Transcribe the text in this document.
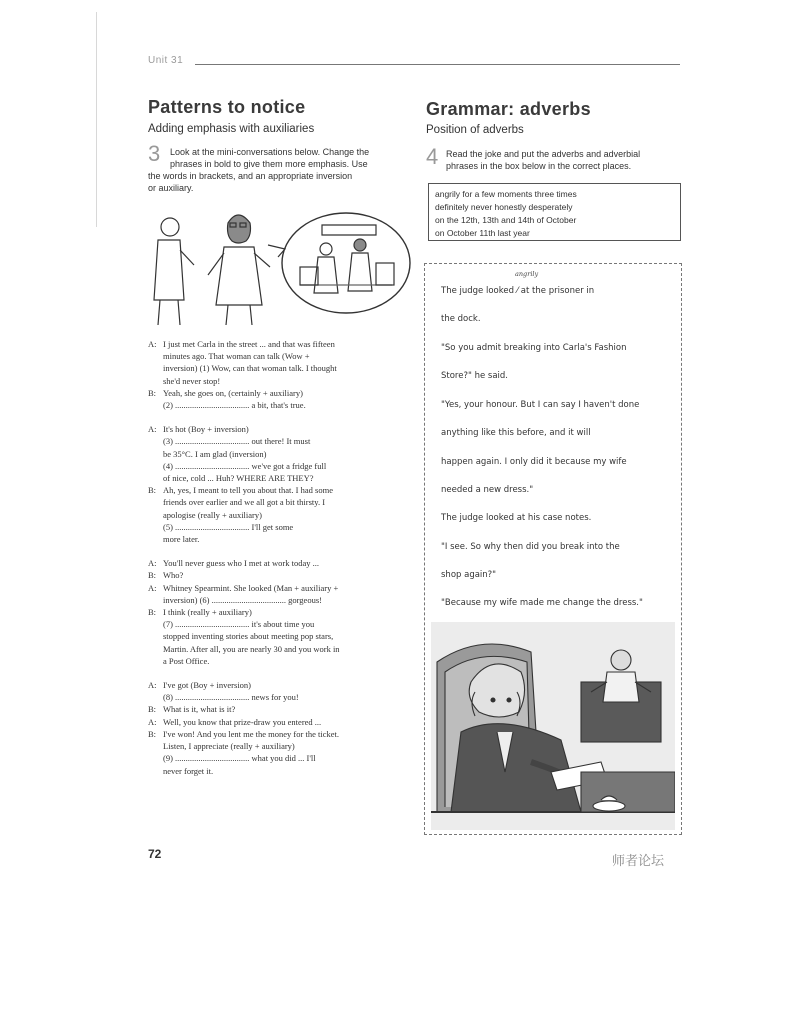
Unit 31
Patterns to notice
Adding emphasis with auxiliaries
3 Look at the mini-conversations below. Change the
phrases in bold to give them more emphasis. Use
the words in brackets, and an appropriate inversion
or auxiliary.
A: I just met Carla in the street ... and that was fifteen
minutes ago. That woman can talk (Wow +
inversion) (1) Wow, can that woman talk. I thought
she'd never stop!
B: Yeah, she goes on, (certainly + auxiliary)
(2) ................................... a bit, that's true.
A: It's hot (Boy + inversion)
(3) ................................... out there! It must
be 35°C. I am glad (inversion)
(4) ................................... we've got a fridge full
of nice, cold ... Huh? WHERE ARE THEY?
B: Ah, yes, I meant to tell you about that. I had some
friends over earlier and we all got a bit thirsty. I
apologise (really + auxiliary)
(5) ................................... I'll get some
more later.
A: You'll never guess who I met at work today ...
B: Who?
A: Whitney Spearmint. She looked (Man + auxiliary +
inversion) (6) ................................... gorgeous!
B: I think (really + auxiliary)
(7) ................................... it's about time you
stopped inventing stories about meeting pop stars,
Martin. After all, you are nearly 30 and you work in
a Post Office.
A: I've got (Boy + inversion)
(8) ................................... news for you!
B: What is it, what is it?
A: Well, you know that prize-draw you entered ...
B: I've won! And you lent me the money for the ticket.
Listen, I appreciate (really + auxiliary)
(9) ................................... what you did ... I'll
never forget it.
72
Grammar: adverbs
Position of adverbs
4 Read the joke and put the adverbs and adverbial
phrases in the box below in the correct places.
angrily for a few moments three times
definitely never honestly desperately
on the 12th, 13th and 14th of October
on October 11th last year
angrily
The judge looked ⁄ at the prisoner in
the dock.
"So you admit breaking into Carla's Fashion
Store?" he said.
"Yes, your honour. But I can say I haven't done
anything like this before, and it will
happen again. I only did it because my wife
needed a new dress."
The judge looked at his case notes.
"I see. So why then did you break into the
shop again?"
"Because my wife made me change the dress."
师者论坛
